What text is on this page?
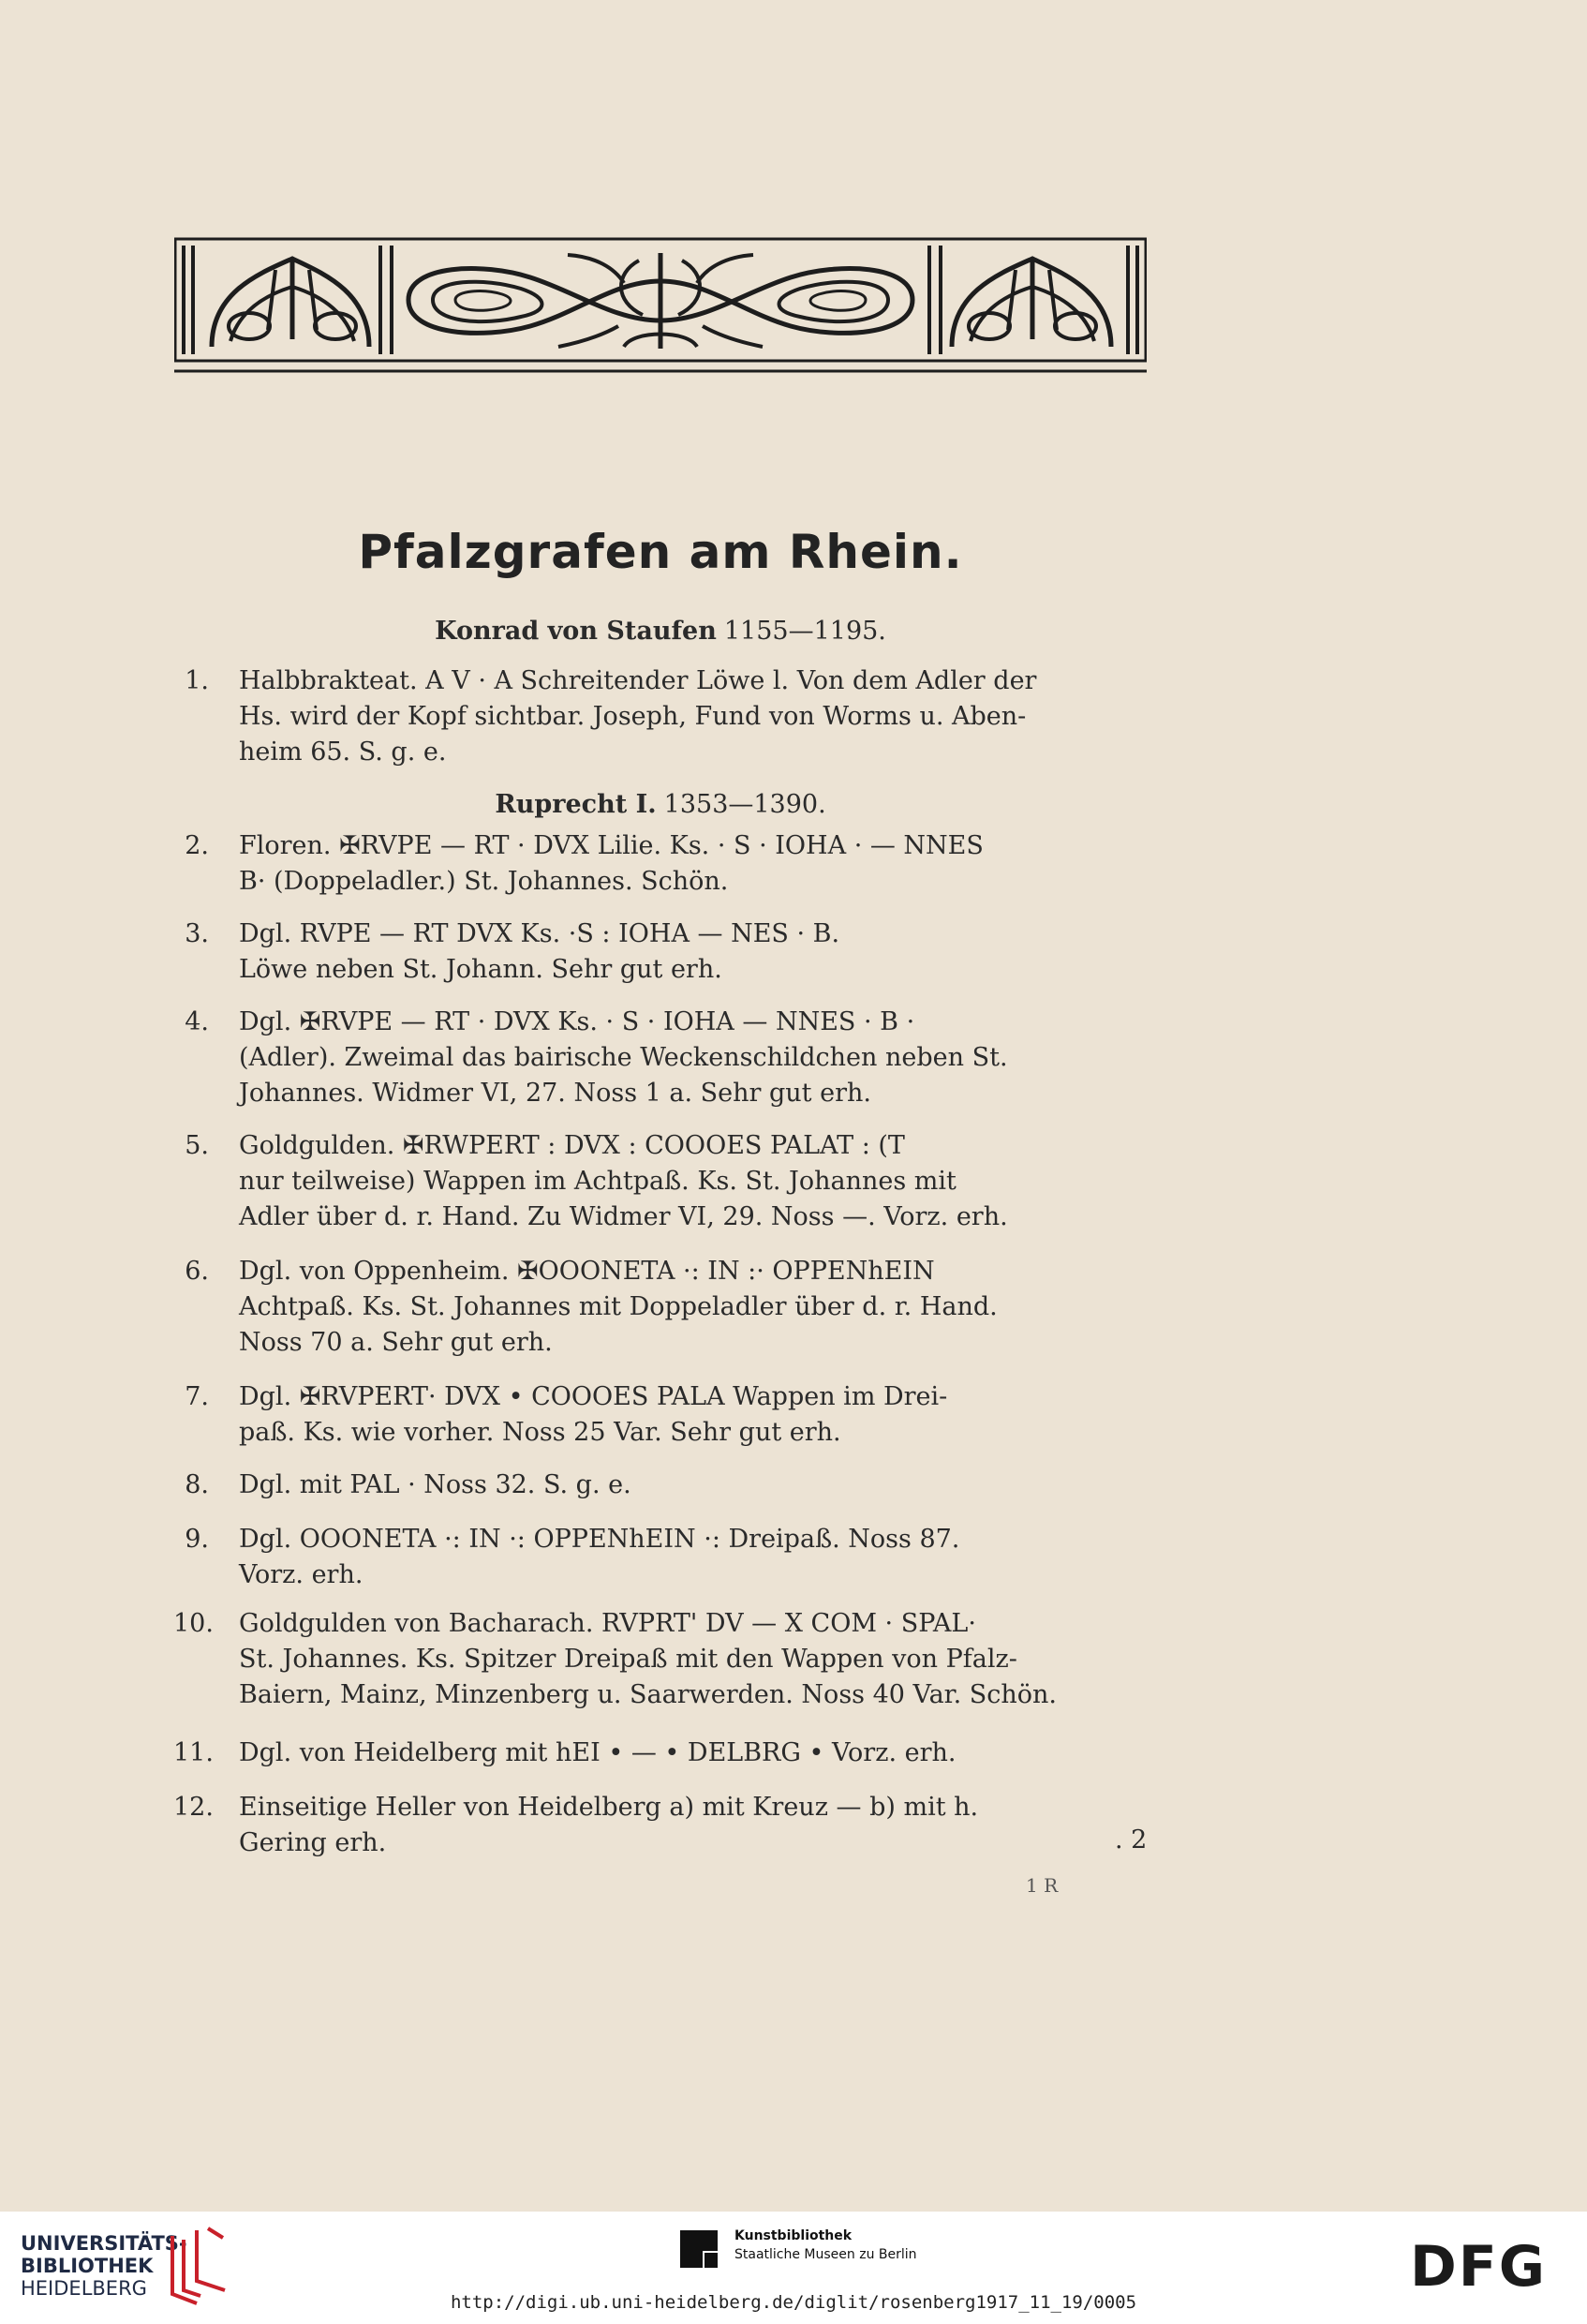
Pfalzgrafen am Rhein.
Konrad von Staufen 1155—1195.
1. Halbbrakteat. A V · A Schreitender Löwe l. Von dem Adler der
Hs. wird der Kopf sichtbar. Joseph, Fund von Worms u. Aben-
heim 65. S. g. e.
Ruprecht I. 1353—1390.
2. Floren. ✠RVPE — RT · DVX Lilie. Ks. · S · IOHA · — NNES
B· (Doppeladler.) St. Johannes. Schön.
3. Dgl. RVPE — RT DVX Ks. ·S : IOHA — NES · B.
Löwe neben St. Johann. Sehr gut erh.
4. Dgl. ✠RVPE — RT · DVX Ks. · S · IOHA — NNES · B ·
(Adler). Zweimal das bairische Weckenschildchen neben St.
Johannes. Widmer VI, 27. Noss 1 a. Sehr gut erh.
5. Goldgulden. ✠RWPERT : DVX : COOOES PALAT : (T
nur teilweise) Wappen im Achtpaß. Ks. St. Johannes mit
Adler über d. r. Hand. Zu Widmer VI, 29. Noss —. Vorz. erh.
6. Dgl. von Oppenheim. ✠OOONETA ·: IN :· OPPENhEIN
Achtpaß. Ks. St. Johannes mit Doppeladler über d. r. Hand.
Noss 70 a. Sehr gut erh.
7. Dgl. ✠RVPERT· DVX • COOOES PALA Wappen im Drei-
paß. Ks. wie vorher. Noss 25 Var. Sehr gut erh.
8. Dgl. mit PAL · Noss 32. S. g. e.
9. Dgl. OOONETA ·: IN ·: OPPENhEIN ·: Dreipaß. Noss 87.
Vorz. erh.
10. Goldgulden von Bacharach. RVPRT' DV — X COM · SPAL·
St. Johannes. Ks. Spitzer Dreipaß mit den Wappen von Pfalz-
Baiern, Mainz, Minzenberg u. Saarwerden. Noss 40 Var. Schön.
11. Dgl. von Heidelberg mit hEI • — • DELBRG • Vorz. erh.
12. Einseitige Heller von Heidelberg a) mit Kreuz — b) mit h.
Gering erh.	. 2
1 R
UNIVERSITÄTS-
BIBLIOTHEK
HEIDELBERG
Kunstbibliothek
Staatliche Museen zu Berlin	DFG
http://digi.ub.uni-heidelberg.de/diglit/rosenberg1917_11_19/0005
